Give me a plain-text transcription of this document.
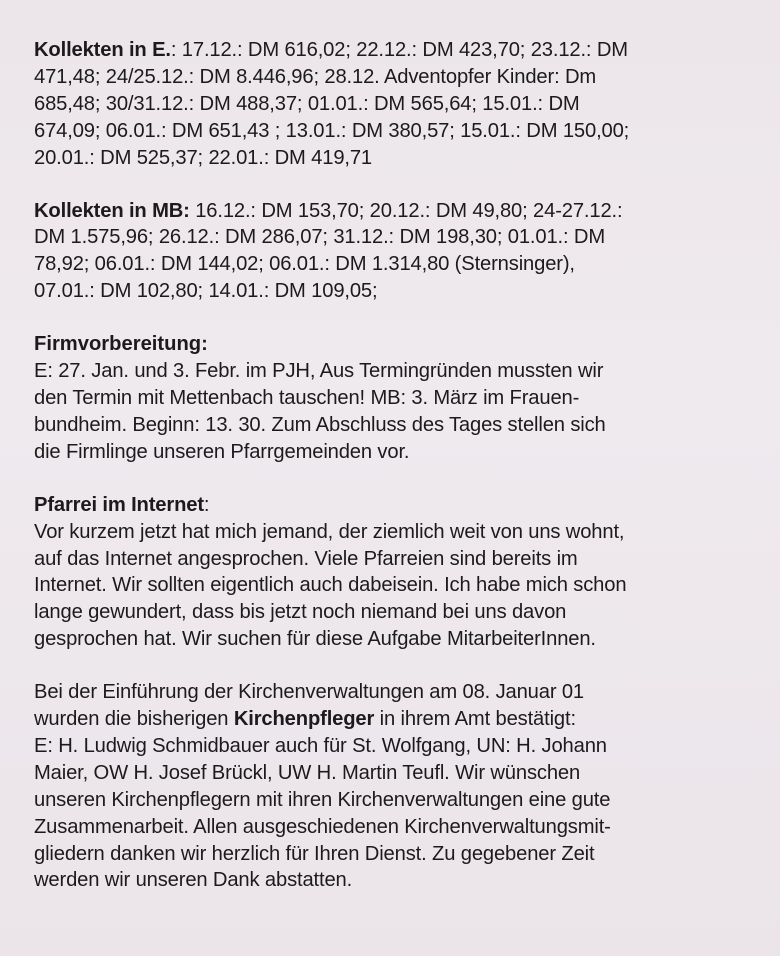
Kollekten in E.: 17.12.: DM 616,02; 22.12.: DM 423,70; 23.12.: DM
471,48; 24/25.12.: DM 8.446,96; 28.12. Adventopfer Kinder: Dm
685,48; 30/31.12.: DM 488,37; 01.01.: DM 565,64; 15.01.: DM
674,09; 06.01.: DM 651,43 ; 13.01.: DM 380,57; 15.01.: DM 150,00;
20.01.: DM 525,37; 22.01.: DM 419,71
Kollekten in MB: 16.12.: DM 153,70; 20.12.: DM 49,80; 24-27.12.:
DM 1.575,96; 26.12.: DM 286,07; 31.12.: DM 198,30; 01.01.: DM
78,92; 06.01.: DM 144,02; 06.01.: DM 1.314,80 (Sternsinger),
07.01.: DM 102,80; 14.01.: DM 109,05;
Firmvorbereitung:
E: 27. Jan. und 3. Febr. im PJH, Aus Termingründen mussten wir
den Termin mit Mettenbach tauschen! MB: 3. März im Frauen-
bundheim. Beginn: 13. 30. Zum Abschluss des Tages stellen sich
die Firmlinge unseren Pfarrgemeinden vor.
Pfarrei im Internet:
Vor kurzem jetzt hat mich jemand, der ziemlich weit von uns wohnt,
auf das Internet angesprochen. Viele Pfarreien sind bereits im
Internet. Wir sollten eigentlich auch dabeisein. Ich habe mich schon
lange gewundert, dass bis jetzt noch niemand bei uns davon
gesprochen hat. Wir suchen für diese Aufgabe MitarbeiterInnen.
Bei der Einführung der Kirchenverwaltungen am 08. Januar 01
wurden die bisherigen Kirchenpfleger in ihrem Amt bestätigt:
E: H. Ludwig Schmidbauer auch für St. Wolfgang, UN: H. Johann
Maier, OW H. Josef Brückl, UW H. Martin Teufl. Wir wünschen
unseren Kirchenpflegern mit ihren Kirchenverwaltungen eine gute
Zusammenarbeit. Allen ausgeschiedenen Kirchenverwaltungsmit-
gliedern danken wir herzlich für Ihren Dienst. Zu gegebener Zeit
werden wir unseren Dank abstatten.
